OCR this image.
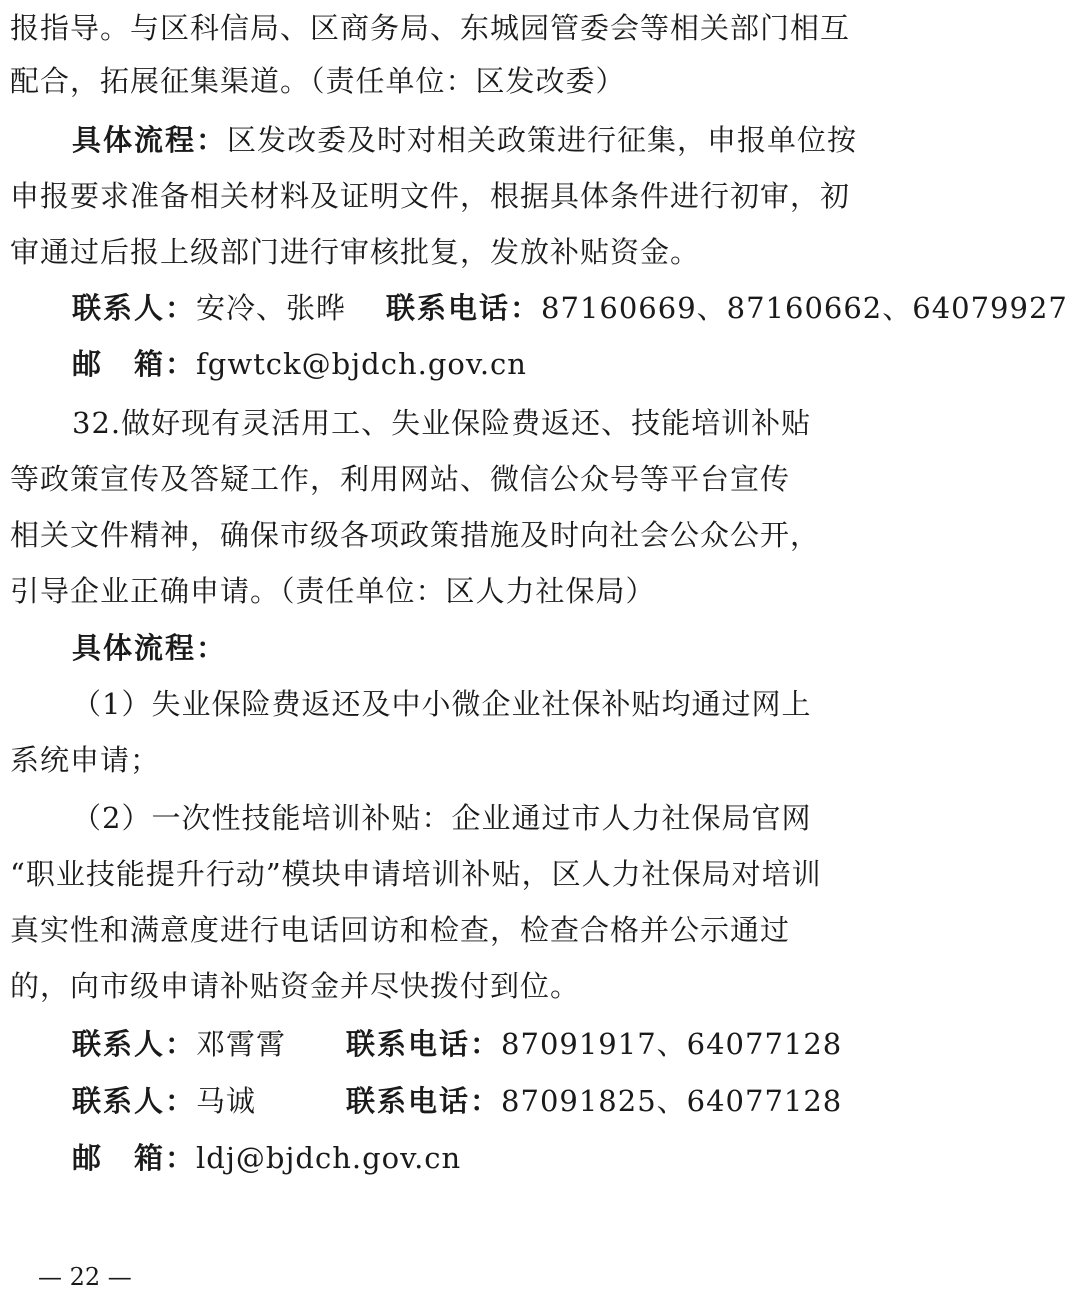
报指导。与区科信局、区商务局、东城园管委会等相关部门相互
配合，拓展征集渠道。（责任单位：区发改委）
具体流程：区发改委及时对相关政策进行征集，申报单位按
申报要求准备相关材料及证明文件，根据具体条件进行初审，初
审通过后报上级部门进行审核批复，发放补贴资金。
联系人：安冷、张晔 联系电话：87160669、87160662、64079927
邮　箱：fgwtck@bjdch.gov.cn
32.做好现有灵活用工、失业保险费返还、技能培训补贴
等政策宣传及答疑工作，利用网站、微信公众号等平台宣传
相关文件精神，确保市级各项政策措施及时向社会公众公开，
引导企业正确申请。（责任单位：区人力社保局）
具体流程：
（1）失业保险费返还及中小微企业社保补贴均通过网上
系统申请；
（2）一次性技能培训补贴：企业通过市人力社保局官网
“职业技能提升行动”模块申请培训补贴，区人力社保局对培训
真实性和满意度进行电话回访和检查，检查合格并公示通过
的，向市级申请补贴资金并尽快拨付到位。
联系人：邓霄霄 联系电话：87091917、64077128
联系人：马诚	联系电话：87091825、64077128
邮　箱：ldj@bjdch.gov.cn
— 22 —
